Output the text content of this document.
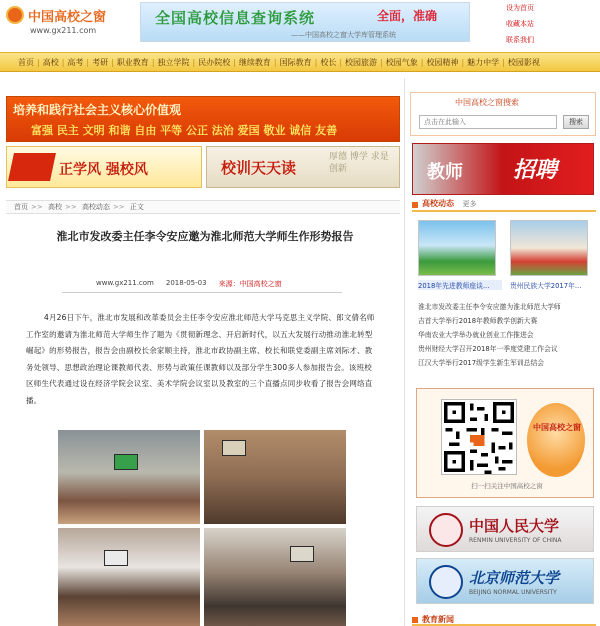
中国高校之窗
www.gx211.com
全国高校信息查询系统	全面，准确
——中国高校之窗大学库管理系统
设为首页
收藏本站
联系我们
首页 | 高校 | 高考 | 考研 | 职业教育 | 独立学院 | 民办院校 | 继续教育 | 国际教育 | 校长 | 校园旅游 | 校园气象 | 校园精神 | 魅力中学 | 校园影视
培养和践行社会主义核心价值观
富强 民主 文明 和谐 自由 平等 公正 法治 爱国 敬业 诚信 友善
正学风 强校风	校训天天读
厚德 博学 求是 创新
首页 >> 高校 >> 高校动态 >> 正文
淮北市发改委主任李令安应邀为淮北师范大学师生作形势报告
www.gx211.com 2018-05-03 来源：中国高校之窗

4月26日下午，淮北市发展和改革委员会主任李令安应淮北师范大学马克思主义学院、郎文倩名师工作室的邀请为淮北师范大学师生作了题为《贯彻新理念、开启新时代，以五大发展行动推动淮北转型崛起》的形势报告，报告会由副校长余家顺主持，淮北市政协副主席、校长和联党委副主席刘际才、教务处领导、思想政治理论课教师代表、形势与政策任课教师以及部分学生300多人参加报告会。该班校区师生代表通过设在经济学院会议室、美术学院会议室以及教室的三个直播点同步收看了报告会网络直播。

中国高校之窗搜索
点击在此输入
搜索
教师 招聘
高校动态 更多
2018年先进教师座谈...	贵州民族大学2017年...
淮北市发改委主任李令安应邀为淮北师范大学师
吉首大学举行2018年教师教学创新大赛
华南农业大学举办就业创业工作推进会
贵州财经大学召开2018年一季度党建工作会议
江汉大学举行2017级学生新生军训总结会
中国高校之窗
扫一扫关注中国高校之窗
中国人民大学
RENMIN UNIVERSITY OF CHINA
北京师范大学
BEIJING NORMAL UNIVERSITY
教育新闻
